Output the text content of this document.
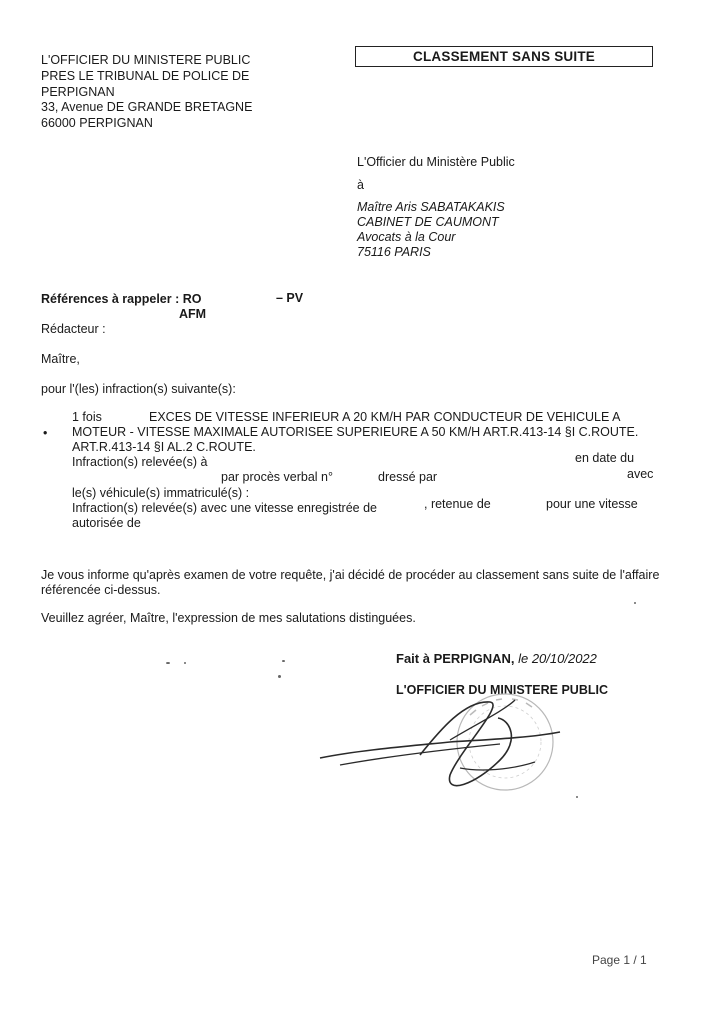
L'OFFICIER DU MINISTERE PUBLIC
PRES LE TRIBUNAL DE POLICE DE
PERPIGNAN
33, Avenue DE GRANDE BRETAGNE
66000 PERPIGNAN
CLASSEMENT SANS SUITE
L'Officier du Ministère Public
à
Maître Aris SABATAKAKIS
CABINET DE CAUMONT
Avocats à la Cour
75116 PARIS
Références à rappeler : RO	– PV
AFM
Rédacteur :
Maître,
pour l'(les) infraction(s) suivante(s):
1 fois	EXCES DE VITESSE INFERIEUR A 20 KM/H PAR CONDUCTEUR DE VEHICULE A
• MOTEUR - VITESSE MAXIMALE AUTORISEE SUPERIEURE A 50 KM/H ART.R.413-14 §I C.ROUTE.
ART.R.413-14 §I AL.2 C.ROUTE.
Infraction(s) relevée(s) à	en date du
par procès verbal n°	dressé par	avec
le(s) véhicule(s) immatriculé(s) :
Infraction(s) relevée(s) avec une vitesse enregistrée de	, retenue de	pour une vitesse
autorisée de
Je vous informe qu'après examen de votre requête, j'ai décidé de procéder au classement sans suite de l'affaire
référencée ci-dessus.
Veuillez agréer, Maître, l'expression de mes salutations distinguées.
Fait à PERPIGNAN, le 20/10/2022
L'OFFICIER DU MINISTERE PUBLIC
Page 1 / 1
